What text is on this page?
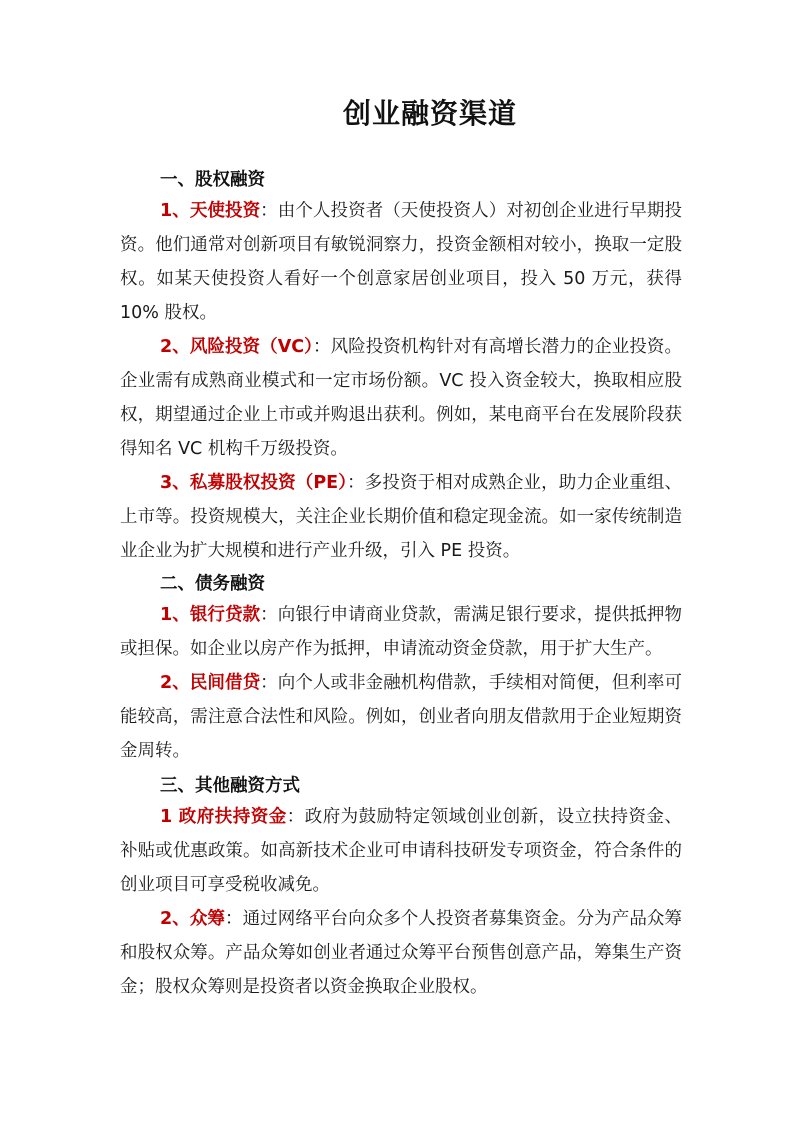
创业融资渠道
一、股权融资
1、天使投资：由个人投资者（天使投资人）对初创企业进行早期投资。他们通常对创新项目有敏锐洞察力，投资金额相对较小，换取一定股权。如某天使投资人看好一个创意家居创业项目，投入 50 万元，获得 10% 股权。
2、风险投资（VC）：风险投资机构针对有高增长潜力的企业投资。企业需有成熟商业模式和一定市场份额。VC 投入资金较大，换取相应股权，期望通过企业上市或并购退出获利。例如，某电商平台在发展阶段获得知名 VC 机构千万级投资。
3、私募股权投资（PE）：多投资于相对成熟企业，助力企业重组、上市等。投资规模大，关注企业长期价值和稳定现金流。如一家传统制造业企业为扩大规模和进行产业升级，引入 PE 投资。
二、债务融资
1、银行贷款：向银行申请商业贷款，需满足银行要求，提供抵押物或担保。如企业以房产作为抵押，申请流动资金贷款，用于扩大生产。
2、民间借贷：向个人或非金融机构借款，手续相对简便，但利率可能较高，需注意合法性和风险。例如，创业者向朋友借款用于企业短期资金周转。
三、其他融资方式
1 政府扶持资金：政府为鼓励特定领域创业创新，设立扶持资金、补贴或优惠政策。如高新技术企业可申请科技研发专项资金，符合条件的创业项目可享受税收减免。
2、众筹：通过网络平台向众多个人投资者募集资金。分为产品众筹和股权众筹。产品众筹如创业者通过众筹平台预售创意产品，筹集生产资金；股权众筹则是投资者以资金换取企业股权。
